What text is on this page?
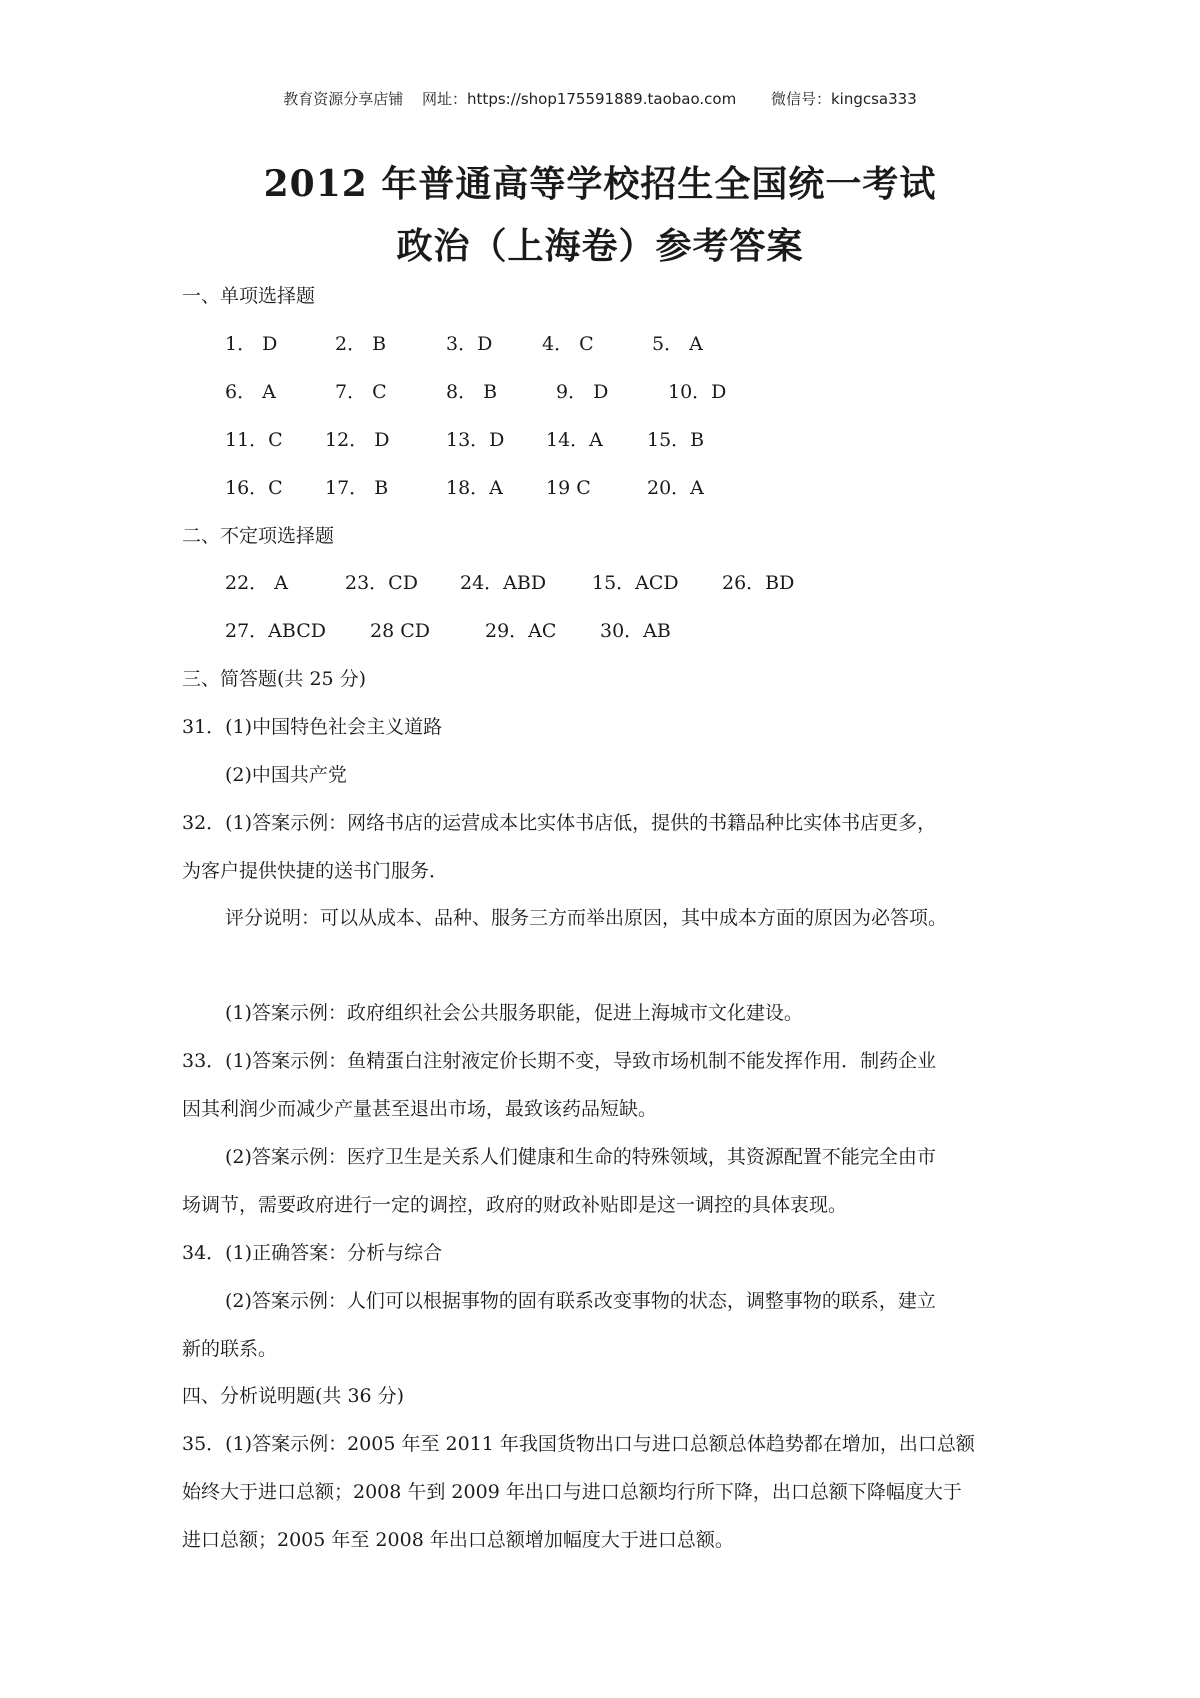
教育资源分享店铺 网址：https://shop175591889.taobao.com 微信号：kingcsa333
2012 年普通高等学校招生全国统一考试
政治（上海卷）参考答案
一、单项选择题
1． D	2． B	3．D	4． C	5． A
6． A	7． C	8． B	9． D	10．D
11．C 12． D	13．D 14．A 15．B
16．C 17． B	18．A 19 C	20．A
二、不定项选择题
22． A	23．CD 24．ABD 15．ACD 26．BD
27．ABCD 28 CD	29．AC 30．AB
三、简答题(共 25 分)
31．(1)中国特色社会主义道路
(2)中国共产党
32．(1)答案示例：网络书店的运营成本比实体书店低，提供的书籍品种比实体书店更多，
为客户提供快捷的送书门服务．
评分说明：可以从成本、品种、服务三方而举出原因，其中成本方面的原因为必答项。
(1)答案示例：政府组织社会公共服务职能，促进上海城市文化建设。
33．(1)答案示例：鱼精蛋白注射液定价长期不变，导致市场机制不能发挥作用．制药企业
因其利润少而减少产量甚至退出市场，最致该药品短缺。
(2)答案示例：医疗卫生是关系人们健康和生命的特殊领域，其资源配置不能完全由市
场调节，需要政府进行一定的调控，政府的财政补贴即是这一调控的具体衷现。
34．(1)正确答案：分析与综合
(2)答案示例：人们可以根据事物的固有联系改变事物的状态，调整事物的联系，建立
新的联系。
四、分析说明题(共 36 分)
35．(1)答案示例：2005 年至 2011 年我国货物出口与进口总额总体趋势都在增加，出口总额
始终大于进口总额；2008 午到 2009 年出口与进口总额均行所下降，出口总额下降幅度大于
进口总额；2005 年至 2008 年出口总额增加幅度大于进口总额。
